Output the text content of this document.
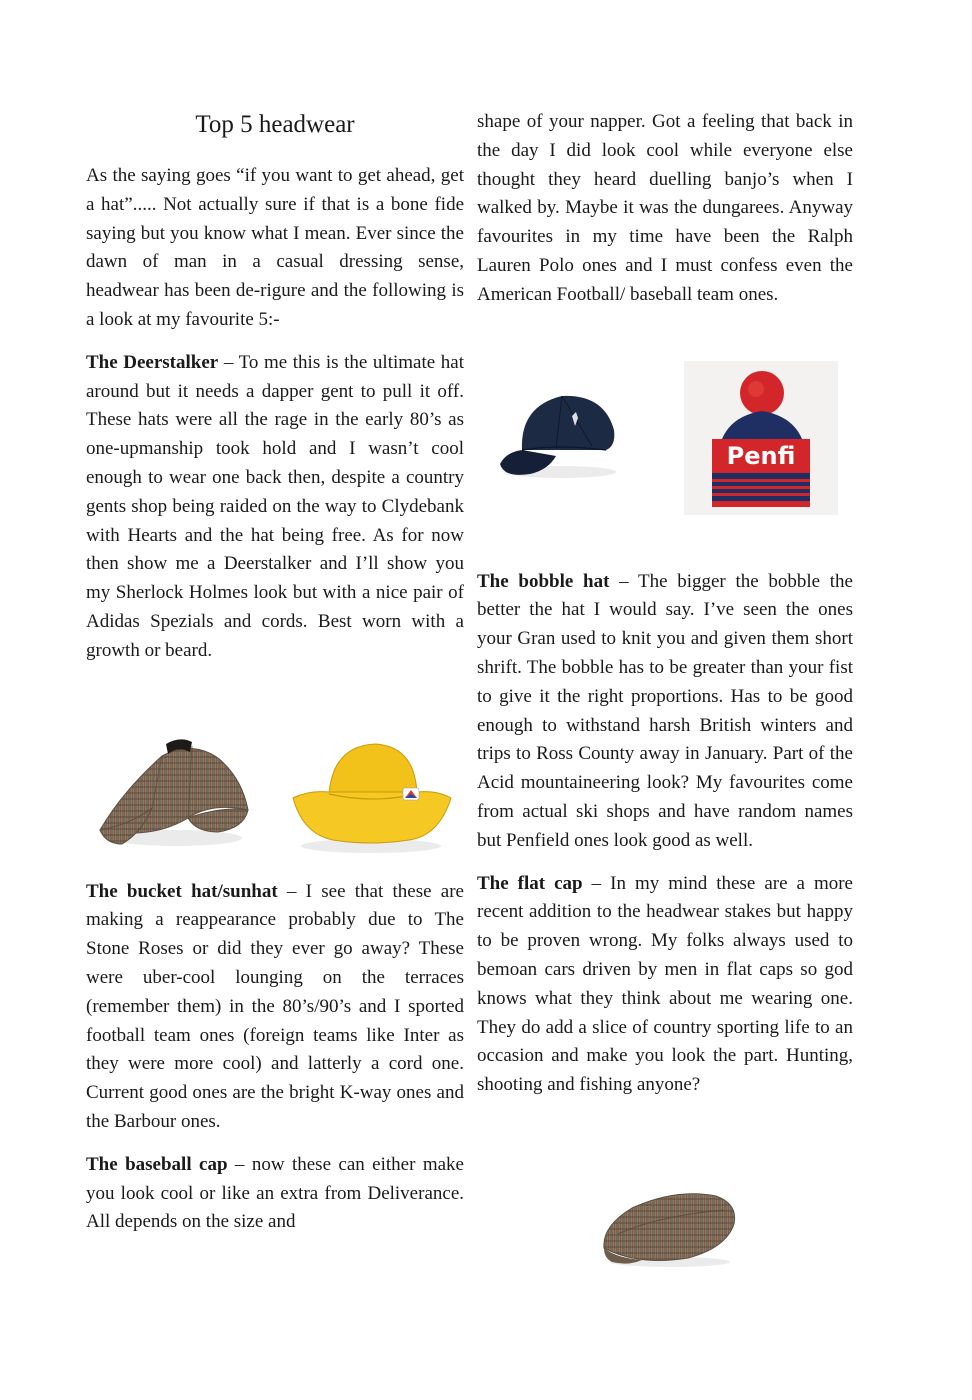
Top 5 headwear

As the saying goes “if you want to get ahead, get a hat”..... Not actually sure if that is a bone fide saying but you know what I mean. Ever since the dawn of man in a casual dressing sense, headwear has been de-rigure and the following is a look at my favourite 5:-

The Deerstalker – To me this is the ultimate hat around but it needs a dapper gent to pull it off. These hats were all the rage in the early 80’s as one-upmanship took hold and I wasn’t cool enough to wear one back then, despite a country gents shop being raided on the way to Clydebank with Hearts and the hat being free. As for now then show me a Deerstalker and I’ll show you my Sherlock Holmes look but with a nice pair of Adidas Spezials and cords. Best worn with a growth or beard.

The bucket hat/sunhat – I see that these are making a reappearance probably due to The Stone Roses or did they ever go away? These were uber-cool lounging on the terraces (remember them) in the 80’s/90’s and I sported football team ones (foreign teams like Inter as they were more cool) and latterly a cord one. Current good ones are the bright K-way ones and the Barbour ones.

The baseball cap – now these can either make you look cool or like an extra from Deliverance. All depends on the size and

shape of your napper. Got a feeling that back in the day I did look cool while everyone else thought they heard duelling banjo’s when I walked by. Maybe it was the dungarees. Anyway favourites in my time have been the Ralph Lauren Polo ones and I must confess even the American Football/ baseball team ones.

The bobble hat – The bigger the bobble the better the hat I would say. I’ve seen the ones your Gran used to knit you and given them short shrift. The bobble has to be greater than your fist to give it the right proportions. Has to be good enough to withstand harsh British winters and trips to Ross County away in January. Part of the Acid mountaineering look? My favourites come from actual ski shops and have random names but Penfield ones look good as well.

The flat cap – In my mind these are a more recent addition to the headwear stakes but happy to be proven wrong. My folks always used to bemoan cars driven by men in flat caps so god knows what they think about me wearing one. They do add a slice of country sporting life to an occasion and make you look the part. Hunting, shooting and fishing anyone?

Penfi
